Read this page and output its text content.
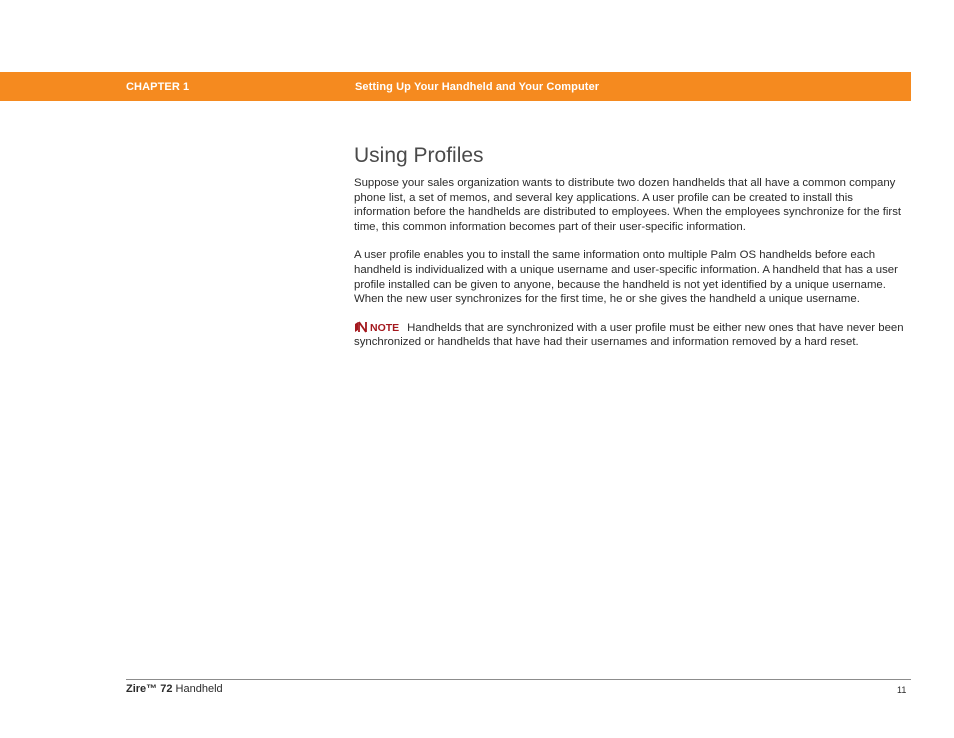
CHAPTER 1	Setting Up Your Handheld and Your Computer
Using Profiles

Suppose your sales organization wants to distribute two dozen handhelds that all have a common company phone list, a set of memos, and several key applications. A user profile can be created to install this information before the handhelds are distributed to employees. When the employees synchronize for the first time, this common information becomes part of their user-specific information.

A user profile enables you to install the same information onto multiple Palm OS handhelds before each handheld is individualized with a unique username and user-specific information. A handheld that has a user profile installed can be given to anyone, because the handheld is not yet identified by a unique username. When the new user synchronizes for the first time, he or she gives the handheld a unique username.

NOTE Handhelds that are synchronized with a user profile must be either new ones that have never been synchronized or handhelds that have had their usernames and information removed by a hard reset.

Zire™ 72 Handheld	11
